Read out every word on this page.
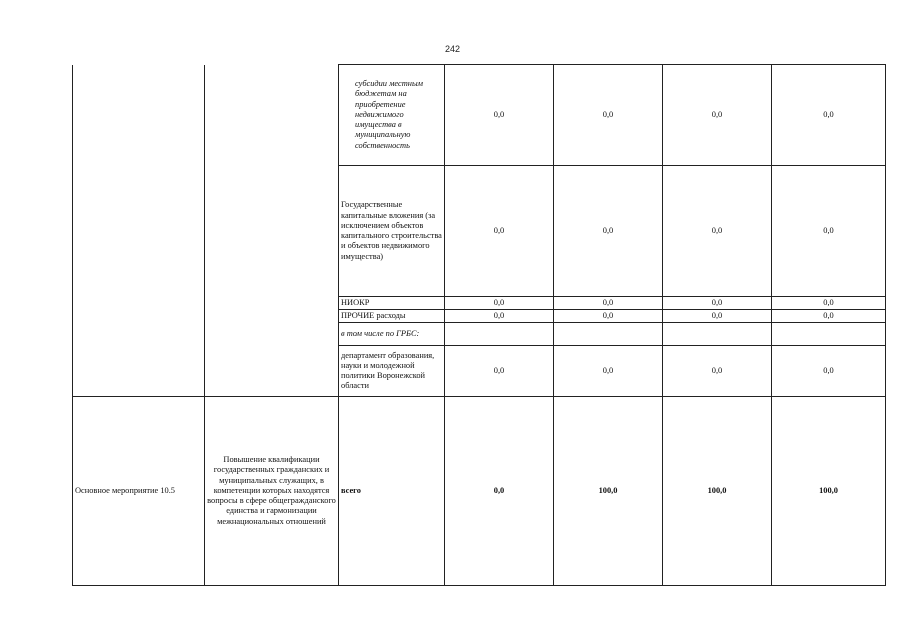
242
		субсидии местным бюджетам на приобретение недвижимого имущества в муниципальную собственность	0,0	0,0	0,0	0,0
		Государственные капитальные вложения (за исключением объектов капитального строительства и объектов недвижимого имущества)	0,0	0,0	0,0	0,0
		НИОКР	0,0	0,0	0,0	0,0
		ПРОЧИЕ расходы	0,0	0,0	0,0	0,0
		в том числе по ГРБС:				
		департамент образования, науки и молодежной политики Воронежской области	0,0	0,0	0,0	0,0
Основное мероприятие 10.5	Повышение квалификации государственных гражданских и муниципальных служащих, в компетенции которых находятся вопросы в сфере общегражданского единства и гармонизации межнациональных отношений	всего	0,0	100,0	100,0	100,0
